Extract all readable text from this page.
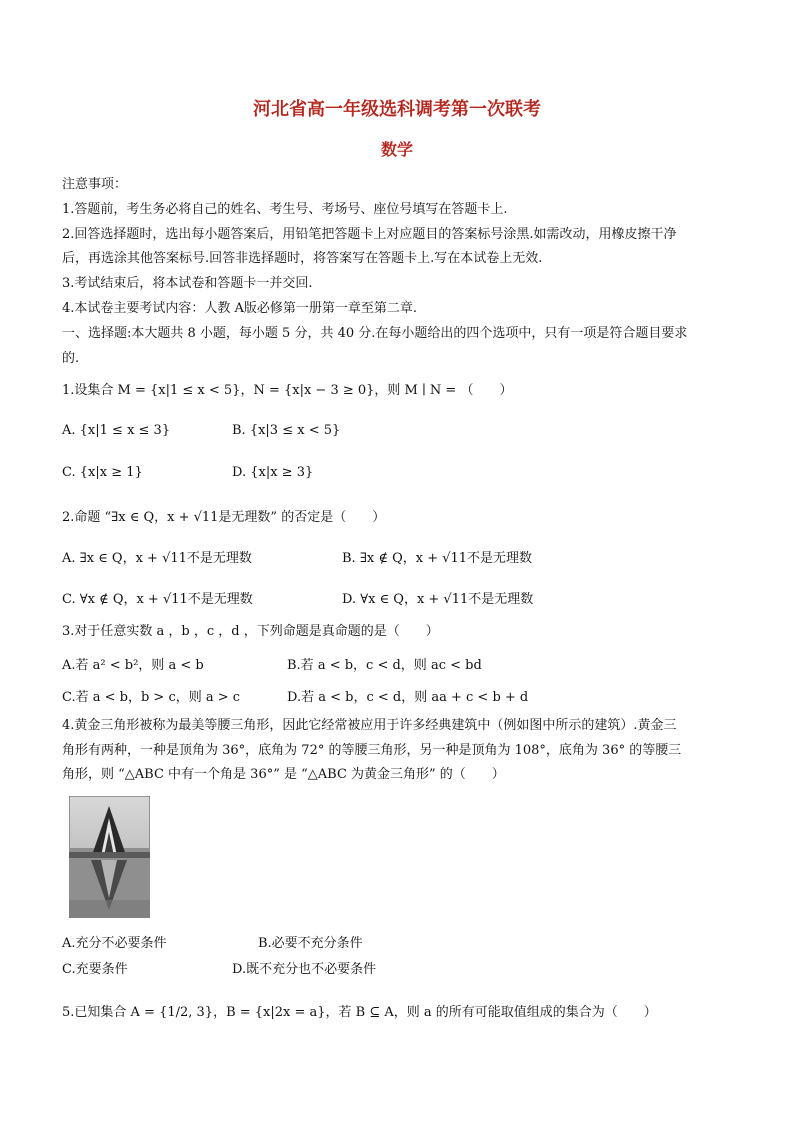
河北省高一年级选科调考第一次联考
数学
注意事项：
1.答题前，考生务必将自己的姓名、考生号、考场号、座位号填写在答题卡上.
2.回答选择题时，选出每小题答案后，用铅笔把答题卡上对应题目的答案标号涂黑.如需改动，用橡皮擦干净
后，再选涂其他答案标号.回答非选择题时，将答案写在答题卡上.写在本试卷上无效.
3.考试结束后，将本试卷和答题卡一并交回.
4.本试卷主要考试内容：人教 A版必修第一册第一章至第二章.
一、选择题:本大题共 8 小题，每小题 5 分，共 40 分.在每小题给出的四个选项中，只有一项是符合题目要求
的.
1.设集合 M = {x|1 ≤ x < 5}，N = {x|x − 3 ≥ 0}，则 M ∣ N = （　　）
A. {x|1 ≤ x ≤ 3}	B. {x|3 ≤ x < 5}
C. {x|x ≥ 1}	D. {x|x ≥ 3}
2.命题 “∃x ∈ Q，x + √11是无理数” 的否定是（　　）
A. ∃x ∈ Q，x + √11不是无理数	B. ∃x ∉ Q，x + √11不是无理数
C. ∀x ∉ Q，x + √11不是无理数	D. ∀x ∈ Q，x + √11不是无理数
3.对于任意实数 a ，b ，c ，d ，下列命题是真命题的是（　　）
A.若 a² < b²，则 a < b	B.若 a < b，c < d，则 ac < bd
C.若 a < b，b > c，则 a > c	D.若 a < b，c < d，则 aa + c < b + d
4.黄金三角形被称为最美等腰三角形，因此它经常被应用于许多经典建筑中（例如图中所示的建筑）.黄金三
角形有两种，一种是顶角为 36°，底角为 72° 的等腰三角形，另一种是顶角为 108°，底角为 36° 的等腰三
角形，则 “△ABC 中有一个角是 36°” 是 “△ABC 为黄金三角形” 的（　　）
A.充分不必要条件	B.必要不充分条件
C.充要条件	D.既不充分也不必要条件
5.已知集合 A = {1/2, 3}，B = {x|2x = a}，若 B ⊆ A，则 a 的所有可能取值组成的集合为（　　）
